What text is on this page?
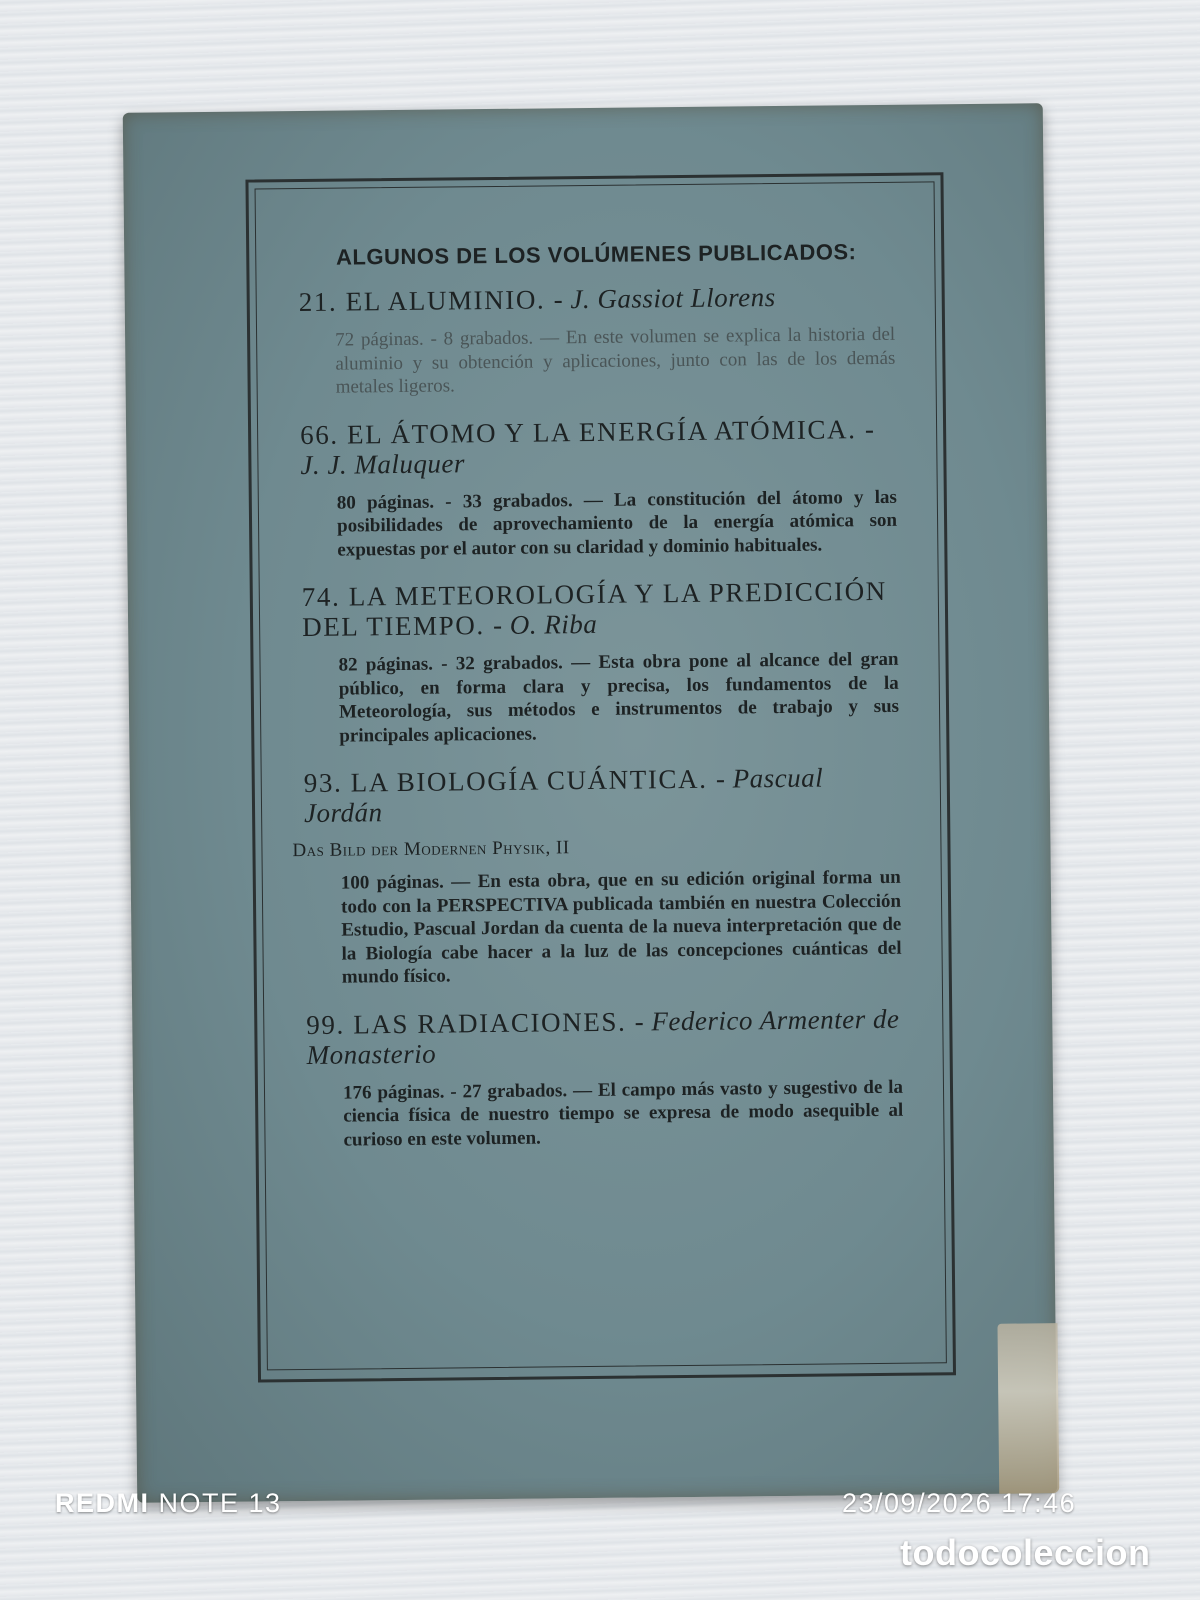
ALGUNOS DE LOS VOLÚMENES PUBLICADOS:

21. EL ALUMINIO. - J. Gassiot Llorens

72 páginas. - 8 grabados. — En este volumen se explica la historia del aluminio y su obtención y aplicaciones, junto con las de los demás metales ligeros.

66. EL ÁTOMO Y LA ENERGÍA ATÓMICA. - J. J. Maluquer

80 páginas. - 33 grabados. — La constitución del átomo y las posibilidades de aprovechamiento de la energía atómica son expuestas por el autor con su claridad y dominio habituales.

74. LA METEOROLOGÍA Y LA PREDICCIÓN DEL TIEMPO. - O. Riba

82 páginas. - 32 grabados. — Esta obra pone al alcance del gran público, en forma clara y precisa, los fundamentos de la Meteorología, sus métodos e instrumentos de trabajo y sus principales aplicaciones.

93. LA BIOLOGÍA CUÁNTICA. - Pascual Jordán

Das Bild der Modernen Physik, II

100 páginas. — En esta obra, que en su edición original forma un todo con la PERSPECTIVA publicada también en nuestra Colección Estudio, Pascual Jordan da cuenta de la nueva interpretación que de la Biología cabe hacer a la luz de las concepciones cuánticas del mundo físico.

99. LAS RADIACIONES. - Federico Armenter de Monasterio

176 páginas. - 27 grabados. — El campo más vasto y sugestivo de la ciencia física de nuestro tiempo se expresa de modo asequible al curioso en este volumen.

REDMI NOTE 13	23/09/2026 17:46
todocoleccion
